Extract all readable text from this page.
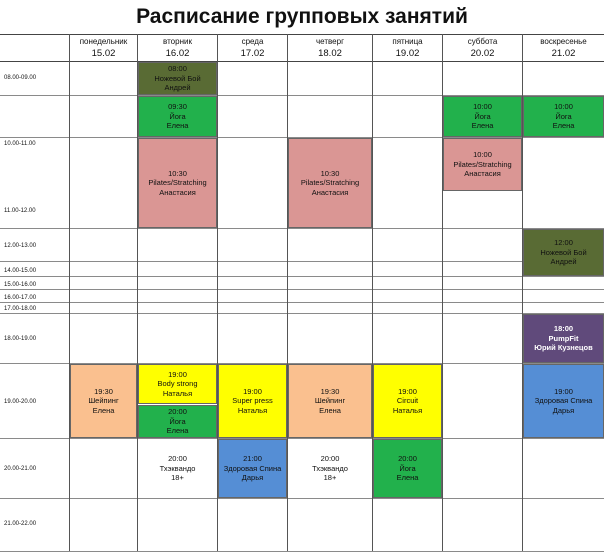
Расписание групповых занятий
понедельник
15.02
вторник
16.02
среда
17.02
четверг
18.02
пятница
19.02
суббота
20.02
воскресенье
21.02
08.00-09.00
10.00-11.00
11.00-12.00
12.00-13.00
14.00-15.00
15.00-16.00
16.00-17.00
17.00-18.00
18.00-19.00
19.00-20.00
20.00-21.00
21.00-22.00
08:00
Ножевой Бой
Андрей
09:30
Йога
Елена
10:30
Pilates/Stratching
Анастасия
10:30
Pilates/Stratching
Анастасия
10:00
Йога
Елена
10:00
Pilates/Stratching
Анастасия
10:00
Йога
Елена
12:00
Ножевой Бой
Андрей
18:00
PumpFit
Юрий Кузнецов
19:30
Шейпинг
Елена
19:00
Body strong
Наталья
20:00
Йога
Елена
19:00
Super press
Наталья
19:30
Шейпинг
Елена
19:00
Circuit
Наталья
19:00
Здоровая Спина
Дарья
20:00
Тхэквандо
18+
21:00
Здоровая Спина
Дарья
20:00
Тхэквандо
18+
20:00
Йога
Елена
